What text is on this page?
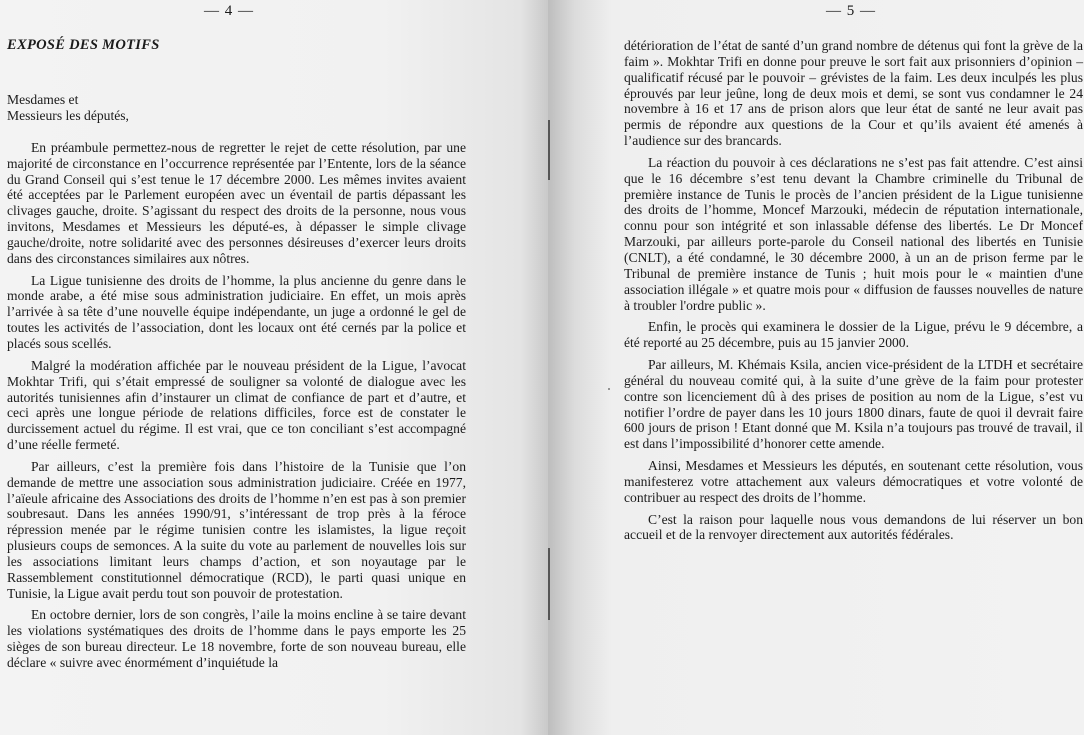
— 4 —
EXPOSÉ DES MOTIFS
Mesdames et
Messieurs les députés,

En préambule permettez-nous de regretter le rejet de cette résolution, par une majorité de circonstance en l’occurrence représentée par l’Entente, lors de la séance du Grand Conseil qui s’est tenue le 17 décembre 2000. Les mêmes invites avaient été acceptées par le Parlement européen avec un éventail de partis dépassant les clivages gauche, droite. S’agissant du respect des droits de la personne, nous vous invitons, Mesdames et Messieurs les député-es, à dépasser le simple clivage gauche/droite, notre solidarité avec des personnes désireuses d’exercer leurs droits dans des circonstances similaires aux nôtres.

La Ligue tunisienne des droits de l’homme, la plus ancienne du genre dans le monde arabe, a été mise sous administration judiciaire. En effet, un mois après l’arrivée à sa tête d’une nouvelle équipe indépendante, un juge a ordonné le gel de toutes les activités de l’association, dont les locaux ont été cernés par la police et placés sous scellés.

Malgré la modération affichée par le nouveau président de la Ligue, l’avocat Mokhtar Trifi, qui s’était empressé de souligner sa volonté de dialogue avec les autorités tunisiennes afin d’instaurer un climat de confiance de part et d’autre, et ceci après une longue période de relations difficiles, force est de constater le durcissement actuel du régime. Il est vrai, que ce ton conciliant s’est accompagné d’une réelle fermeté.

Par ailleurs, c’est la première fois dans l’histoire de la Tunisie que l’on demande de mettre une association sous administration judiciaire. Créée en 1977, l’aïeule africaine des Associations des droits de l’homme n’en est pas à son premier soubresaut. Dans les années 1990/91, s’intéressant de trop près à la féroce répression menée par le régime tunisien contre les islamistes, la ligue reçoit plusieurs coups de semonces. A la suite du vote au parlement de nouvelles lois sur les associations limitant leurs champs d’action, et son noyautage par le Rassemblement constitutionnel démocratique (RCD), le parti quasi unique en Tunisie, la Ligue avait perdu tout son pouvoir de protestation.

En octobre dernier, lors de son congrès, l’aile la moins encline à se taire devant les violations systématiques des droits de l’homme dans le pays emporte les 25 sièges de son bureau directeur. Le 18 novembre, forte de son nouveau bureau, elle déclare « suivre avec énormément d’inquiétude la

— 5 —

détérioration de l’état de santé d’un grand nombre de détenus qui font la grève de la faim ». Mokhtar Trifi en donne pour preuve le sort fait aux prisonniers d’opinion – qualificatif récusé par le pouvoir – grévistes de la faim. Les deux inculpés les plus éprouvés par leur jeûne, long de deux mois et demi, se sont vus condamner le 24 novembre à 16 et 17 ans de prison alors que leur état de santé ne leur avait pas permis de répondre aux questions de la Cour et qu’ils avaient été amenés à l’audience sur des brancards.

La réaction du pouvoir à ces déclarations ne s’est pas fait attendre. C’est ainsi que le 16 décembre s’est tenu devant la Chambre criminelle du Tribunal de première instance de Tunis le procès de l’ancien président de la Ligue tunisienne des droits de l’homme, Moncef Marzouki, médecin de réputation internationale, connu pour son intégrité et son inlassable défense des libertés. Le Dr Moncef Marzouki, par ailleurs porte-parole du Conseil national des libertés en Tunisie (CNLT), a été condamné, le 30 décembre 2000, à un an de prison ferme par le Tribunal de première instance de Tunis ; huit mois pour le « maintien d'une association illégale » et quatre mois pour « diffusion de fausses nouvelles de nature à troubler l'ordre public ».

Enfin, le procès qui examinera le dossier de la Ligue, prévu le 9 décembre, a été reporté au 25 décembre, puis au 15 janvier 2000.

Par ailleurs, M. Khémais Ksila, ancien vice-président de la LTDH et secrétaire général du nouveau comité qui, à la suite d’une grève de la faim pour protester contre son licenciement dû à des prises de position au nom de la Ligue, s’est vu notifier l’ordre de payer dans les 10 jours 1800 dinars, faute de quoi il devrait faire 600 jours de prison ! Etant donné que M. Ksila n’a toujours pas trouvé de travail, il est dans l’impossibilité d’honorer cette amende.

Ainsi, Mesdames et Messieurs les députés, en soutenant cette résolution, vous manifesterez votre attachement aux valeurs démocratiques et votre volonté de contribuer au respect des droits de l’homme.

C’est la raison pour laquelle nous vous demandons de lui réserver un bon accueil et de la renvoyer directement aux autorités fédérales.
